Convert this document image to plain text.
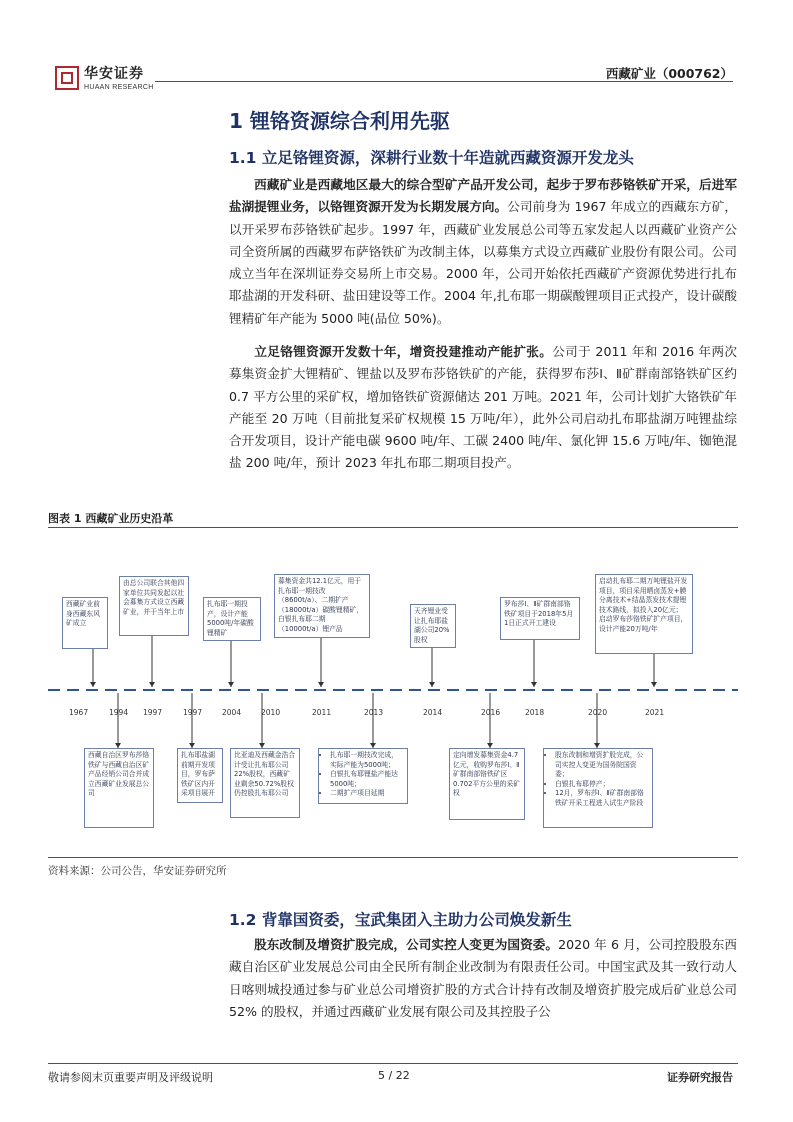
华安证券
HUAAN RESEARCH
西藏矿业（000762）
1 锂铬资源综合利用先驱
1.1 立足铬锂资源，深耕行业数十年造就西藏资源开发龙头

西藏矿业是西藏地区最大的综合型矿产品开发公司，起步于罗布莎铬铁矿开采，后进军盐湖提锂业务，以铬锂资源开发为长期发展方向。公司前身为 1967 年成立的西藏东方矿，以开采罗布莎铬铁矿起步。1997 年，西藏矿业发展总公司等五家发起人以西藏矿业资产公司全资所属的西藏罗布萨铬铁矿为改制主体，以募集方式设立西藏矿业股份有限公司。公司成立当年在深圳证券交易所上市交易。2000 年，公司开始依托西藏矿产资源优势进行扎布耶盐湖的开发科研、盐田建设等工作。2004 年,扎布耶一期碳酸锂项目正式投产，设计碳酸锂精矿年产能为 5000 吨(品位 50%)。

立足铬锂资源开发数十年，增资投建推动产能扩张。公司于 2011 年和 2016 年两次募集资金扩大锂精矿、锂盐以及罗布莎铬铁矿的产能，获得罗布莎Ⅰ、Ⅱ矿群南部铬铁矿区约 0.7 平方公里的采矿权，增加铬铁矿资源储达 201 万吨。2021 年，公司计划扩大铬铁矿年产能至 20 万吨（目前批复采矿权规模 15 万吨/年），此外公司启动扎布耶盐湖万吨锂盐综合开发项目，设计产能电碳 9600 吨/年、工碳 2400 吨/年、氯化钾 15.6 万吨/年、铷铯混盐 200 吨/年，预计 2023 年扎布耶二期项目投产。

图表 1 西藏矿业历史沿革
1967	1994 1997	1997	2004	2010	2011	2013	2014	2016	2018	2020	2021
西藏矿业前身西藏东风矿成立
由总公司联合其他四家单位共同发起以社会募集方式设立西藏矿业，并于当年上市
扎布耶一期投产，设计产能5000吨/年碳酸锂精矿
募集资金共12.1亿元，用于扎布耶一期技改（8600t/a）、二期扩产（18000t/a）碳酸锂精矿，白银扎布耶二期（10000t/a）锂产品
天齐锂业受让扎布耶盐湖公司20%股权
罗布莎Ⅰ、Ⅱ矿群南部铬铁矿项目于2018年5月1日正式开工建设
启动扎布耶二期万吨锂盐开发项目，项目采用晒卤蒸发+膜分离技术+结晶蒸发技术提锂技术路线，拟投入20亿元；启动罗布莎铬铁矿扩产项目，设计产能20万吨/年
西藏自治区罗布莎铬铁矿与西藏自治区矿产品经销公司合并成立西藏矿业发展总公司
扎布耶盐湖前期开发项目，罗布萨铁矿区内开采项目展开
比亚迪及西藏金浩合计受让扎布耶公司22%股权，西藏矿业剩余50.72%股权仍控股扎布耶公司
• 扎布耶一期技改完成，实际产能为5000吨；
• 白银扎布耶锂盐产能达5000吨；
• 二期扩产项目延期
定向增发募集资金4.7亿元，收购罗布莎Ⅰ、Ⅱ矿群南部铬铁矿区0.702平方公里的采矿权
• 股东改制和增资扩股完成，公司实控人变更为国务院国资委；
• 白银扎布耶停产；
• 12月，罗布莎Ⅰ、Ⅱ矿群南部铬铁矿开采工程进入试生产阶段
资料来源：公司公告，华安证券研究所
1.2 背靠国资委，宝武集团入主助力公司焕发新生

股东改制及增资扩股完成，公司实控人变更为国资委。2020 年 6 月，公司控股股东西藏自治区矿业发展总公司由全民所有制企业改制为有限责任公司。中国宝武及其一致行动人日喀则城投通过参与矿业总公司增资扩股的方式合计持有改制及增资扩股完成后矿业总公司 52% 的股权，并通过西藏矿业发展有限公司及其控股子公

敬请参阅末页重要声明及评级说明	5 / 22	证券研究报告
